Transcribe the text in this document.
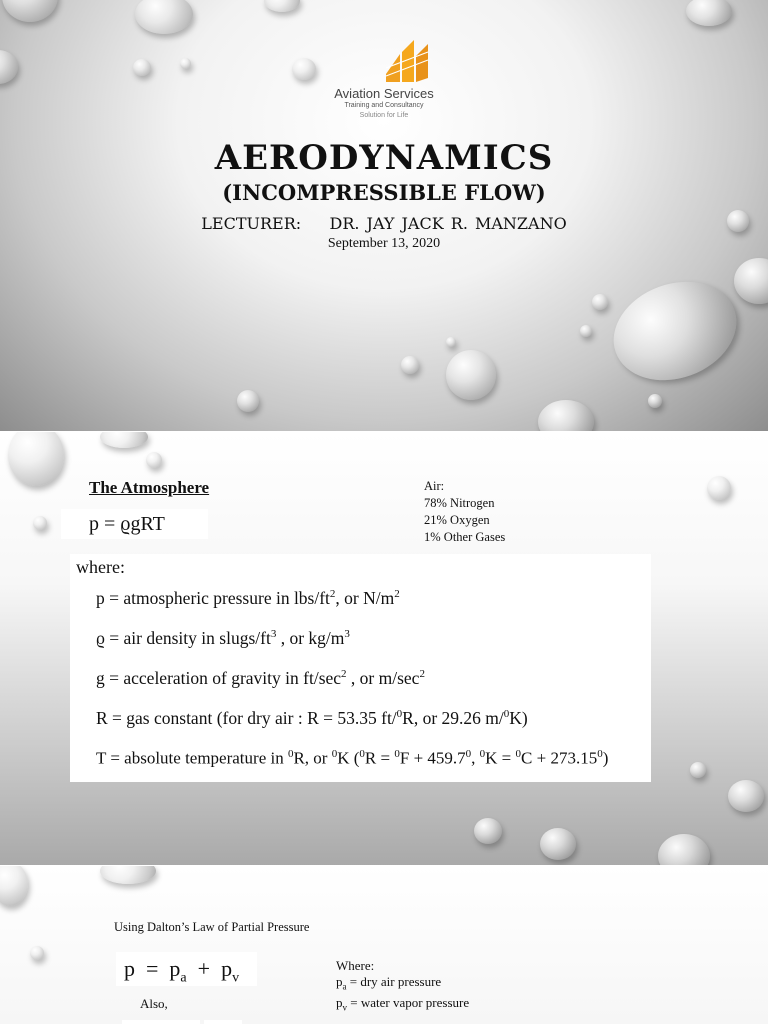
Aviation Services
Training and Consultancy
Solution for Life
AERODYNAMICS
(INCOMPRESSIBLE FLOW)
LECTURER: DR. JAY JACK R. MANZANO
September 13, 2020
The Atmosphere
p = ϱgRT
Air:
78% Nitrogen
21% Oxygen
1% Other Gases
where:
p = atmospheric pressure in lbs/$ft^2$, or $N/m^2$
ϱ = air density in slugs/$ft^3$ , or $kg/m^3$
g = acceleration of gravity in $ft/\sec^2$ , or $m/\sec^2$
R = gas constant (for dry air : R = 53.35 ft/$^0$R, or 29.26 m/$^0$K)
T = absolute temperature in $^0$R, or $^0$K ($^0R = ^0F + 459.7^0$, $^0K = ^0C + 273.15^0$)
Using Dalton’s Law of Partial Pressure
$p = p_a + p_v$
Also,
Where:
$p_a$ = dry air pressure
$p_v$ = water vapor pressure
